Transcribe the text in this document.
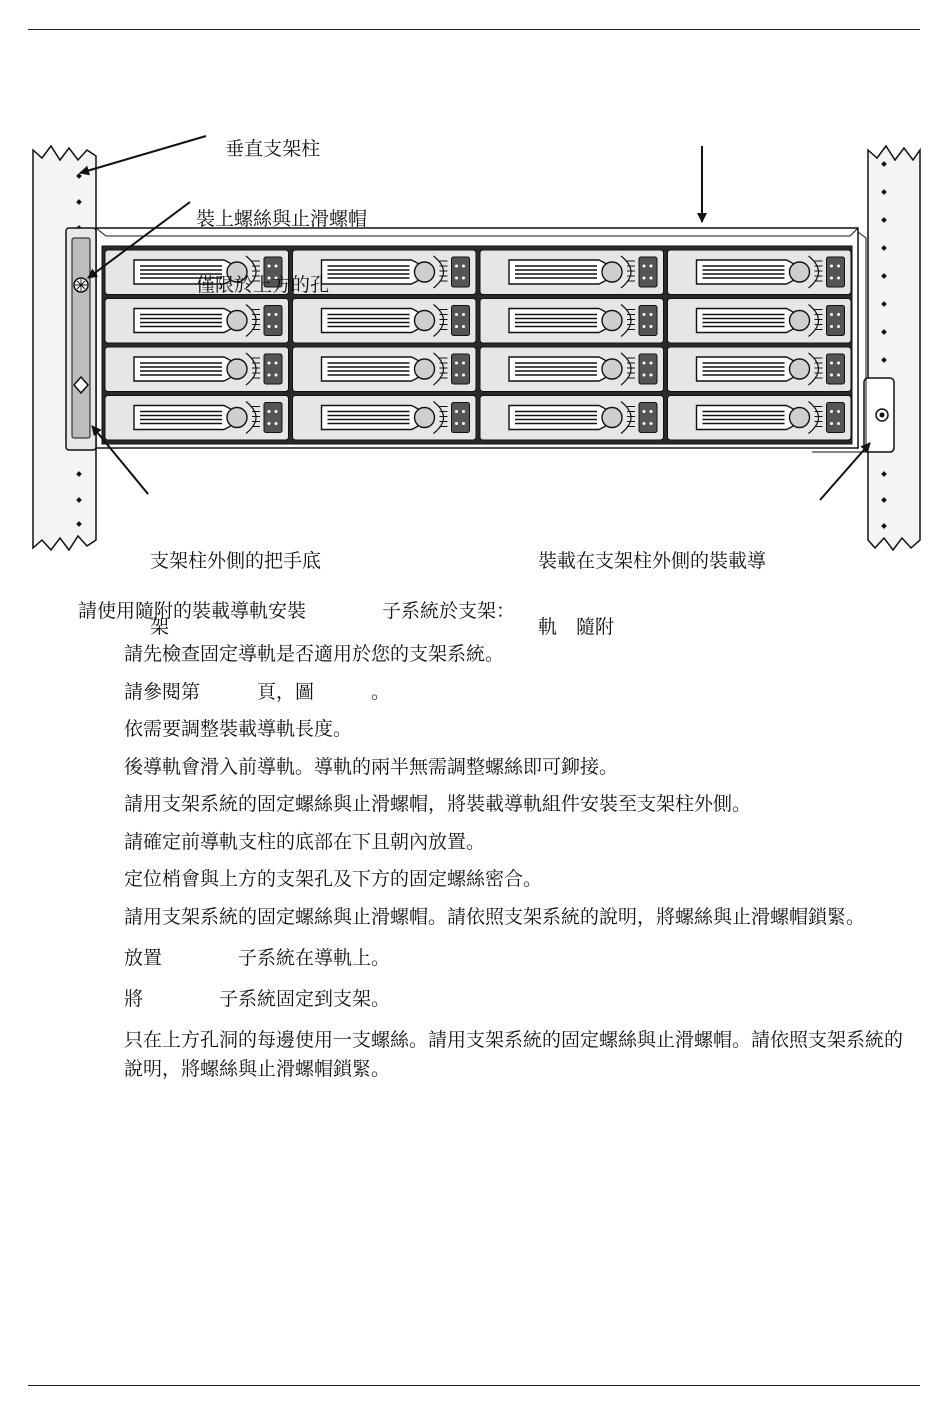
垂直支架柱

裝上螺絲與止滑螺帽

僅限於上方的孔

支架柱外側的把手底

架

裝載在支架柱外側的裝載導

軌　隨附

請使用隨附的裝載導軌安裝　　　　子系統於支架：
請先檢查固定導軌是否適用於您的支架系統。
請參閱第　　　頁，圖　　　。
依需要調整裝載導軌長度。
後導軌會滑入前導軌。導軌的兩半無需調整螺絲即可鉚接。
請用支架系統的固定螺絲與止滑螺帽，將裝載導軌組件安裝至支架柱外側。
請確定前導軌支柱的底部在下且朝內放置。
定位梢會與上方的支架孔及下方的固定螺絲密合。
請用支架系統的固定螺絲與止滑螺帽。請依照支架系統的說明，將螺絲與止滑螺帽鎖緊。
放置　　　　子系統在導軌上。
將　　　　子系統固定到支架。
只在上方孔洞的每邊使用一支螺絲。請用支架系統的固定螺絲與止滑螺帽。請依照支架系統的說明，將螺絲與止滑螺帽鎖緊。
